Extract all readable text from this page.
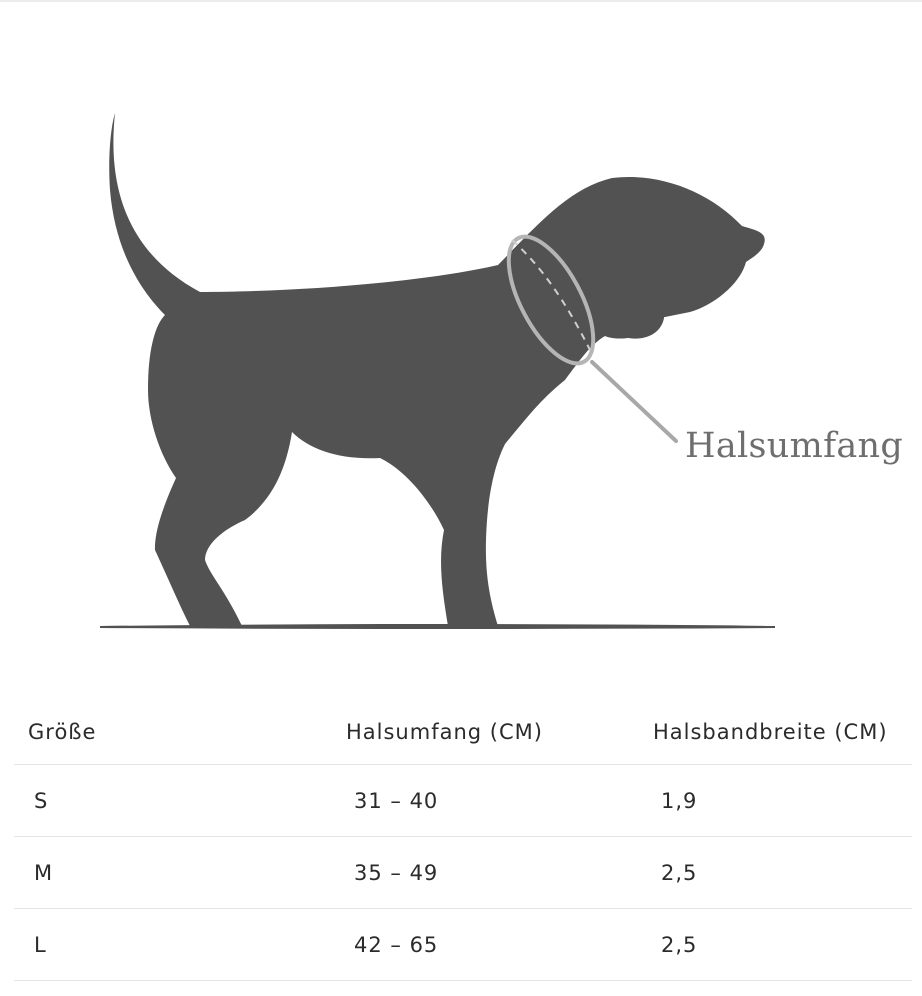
Halsumfang
Größe	Halsumfang (CM)	Halsbandbreite (CM)
S	31 – 40	1,9
M	35 – 49	2,5
L	42 – 65	2,5
